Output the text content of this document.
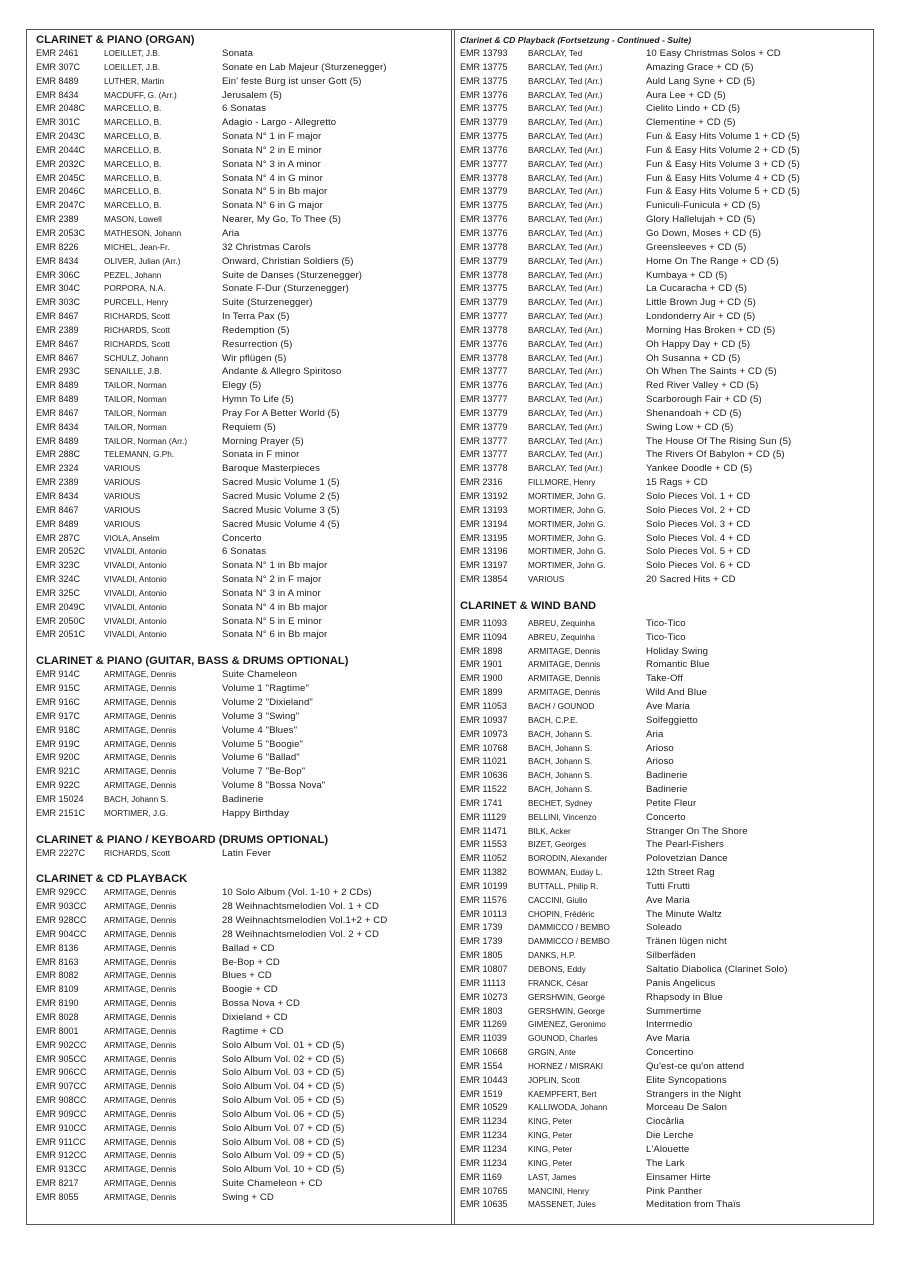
CLARINET & PIANO (ORGAN)
EMR 2461	LOEILLET, J.B.	Sonata
EMR 307C	LOEILLET, J.B.	Sonate en Lab Majeur (Sturzenegger)
EMR 8489	LUTHER, Martin	Ein' feste Burg ist unser Gott (5)
EMR 8434	MACDUFF, G. (Arr.)	Jerusalem (5)
EMR 2048C	MARCELLO, B.	6 Sonatas
EMR 301C	MARCELLO, B.	Adagio - Largo - Allegretto
EMR 2043C	MARCELLO, B.	Sonata N° 1 in F major
EMR 2044C	MARCELLO, B.	Sonata N° 2 in E minor
EMR 2032C	MARCELLO, B.	Sonata N° 3 in A minor
EMR 2045C	MARCELLO, B.	Sonata N° 4 in G minor
EMR 2046C	MARCELLO, B.	Sonata N° 5 in Bb major
EMR 2047C	MARCELLO, B.	Sonata N° 6 in G major
EMR 2389	MASON, Lowell	Nearer, My Go, To Thee (5)
EMR 2053C	MATHESON, Johann	Aria
EMR 8226	MICHEL, Jean-Fr.	32 Christmas Carols
EMR 8434	OLIVER, Julian (Arr.)	Onward, Christian Soldiers (5)
EMR 306C	PEZEL, Johann	Suite de Danses (Sturzenegger)
EMR 304C	PORPORA, N.A.	Sonate F-Dur (Sturzenegger)
EMR 303C	PURCELL, Henry	Suite (Sturzenegger)
EMR 8467	RICHARDS, Scott	In Terra Pax (5)
EMR 2389	RICHARDS, Scott	Redemption (5)
EMR 8467	RICHARDS, Scott	Resurrection (5)
EMR 8467	SCHULZ, Johann	Wir pflügen (5)
EMR 293C	SENAILLE, J.B.	Andante & Allegro Spiritoso
EMR 8489	TAILOR, Norman	Elegy (5)
EMR 8489	TAILOR, Norman	Hymn To Life (5)
EMR 8467	TAILOR, Norman	Pray For A Better World (5)
EMR 8434	TAILOR, Norman	Requiem (5)
EMR 8489	TAILOR, Norman (Arr.)	Morning Prayer (5)
EMR 288C	TELEMANN, G.Ph.	Sonata in F minor
EMR 2324	VARIOUS	Baroque Masterpieces
EMR 2389	VARIOUS	Sacred Music Volume 1 (5)
EMR 8434	VARIOUS	Sacred Music Volume 2 (5)
EMR 8467	VARIOUS	Sacred Music Volume 3 (5)
EMR 8489	VARIOUS	Sacred Music Volume 4 (5)
EMR 287C	VIOLA, Anselm	Concerto
EMR 2052C	VIVALDI, Antonio	6 Sonatas
EMR 323C	VIVALDI, Antonio	Sonata N° 1 in Bb major
EMR 324C	VIVALDI, Antonio	Sonata N° 2 in F major
EMR 325C	VIVALDI, Antonio	Sonata N° 3 in A minor
EMR 2049C	VIVALDI, Antonio	Sonata N° 4 in Bb major
EMR 2050C	VIVALDI, Antonio	Sonata N° 5 in E minor
EMR 2051C	VIVALDI, Antonio	Sonata N° 6 in Bb major
CLARINET & PIANO (GUITAR, BASS & DRUMS OPTIONAL)
EMR 914C	ARMITAGE, Dennis	Suite Chameleon
EMR 915C	ARMITAGE, Dennis	Volume 1 "Ragtime"
EMR 916C	ARMITAGE, Dennis	Volume 2 "Dixieland"
EMR 917C	ARMITAGE, Dennis	Volume 3 "Swing"
EMR 918C	ARMITAGE, Dennis	Volume 4 "Blues"
EMR 919C	ARMITAGE, Dennis	Volume 5 "Boogie"
EMR 920C	ARMITAGE, Dennis	Volume 6 "Ballad"
EMR 921C	ARMITAGE, Dennis	Volume 7 "Be-Bop"
EMR 922C	ARMITAGE, Dennis	Volume 8 "Bossa Nova"
EMR 15024	BACH, Johann S.	Badinerie
EMR 2151C	MORTIMER, J.G.	Happy Birthday
CLARINET & PIANO / KEYBOARD (DRUMS OPTIONAL)
EMR 2227C	RICHARDS, Scott	Latin Fever
CLARINET & CD PLAYBACK
EMR 929CC	ARMITAGE, Dennis	10 Solo Album (Vol. 1-10 + 2 CDs)
EMR 903CC	ARMITAGE, Dennis	28 Weihnachtsmelodien Vol. 1 + CD
EMR 928CC	ARMITAGE, Dennis	28 Weihnachtsmelodien Vol.1+2 + CD
EMR 904CC	ARMITAGE, Dennis	28 Weihnachtsmelodien Vol. 2 + CD
EMR 8136	ARMITAGE, Dennis	Ballad + CD
EMR 8163	ARMITAGE, Dennis	Be-Bop + CD
EMR 8082	ARMITAGE, Dennis	Blues + CD
EMR 8109	ARMITAGE, Dennis	Boogie + CD
EMR 8190	ARMITAGE, Dennis	Bossa Nova + CD
EMR 8028	ARMITAGE, Dennis	Dixieland + CD
EMR 8001	ARMITAGE, Dennis	Ragtime + CD
EMR 902CC	ARMITAGE, Dennis	Solo Album Vol. 01 + CD (5)
EMR 905CC	ARMITAGE, Dennis	Solo Album Vol. 02 + CD (5)
EMR 906CC	ARMITAGE, Dennis	Solo Album Vol. 03 + CD (5)
EMR 907CC	ARMITAGE, Dennis	Solo Album Vol. 04 + CD (5)
EMR 908CC	ARMITAGE, Dennis	Solo Album Vol. 05 + CD (5)
EMR 909CC	ARMITAGE, Dennis	Solo Album Vol. 06 + CD (5)
EMR 910CC	ARMITAGE, Dennis	Solo Album Vol. 07 + CD (5)
EMR 911CC	ARMITAGE, Dennis	Solo Album Vol. 08 + CD (5)
EMR 912CC	ARMITAGE, Dennis	Solo Album Vol. 09 + CD (5)
EMR 913CC	ARMITAGE, Dennis	Solo Album Vol. 10 + CD (5)
EMR 8217	ARMITAGE, Dennis	Suite Chameleon + CD
EMR 8055	ARMITAGE, Dennis	Swing + CD
Clarinet & CD Playback (Fortsetzung - Continued - Suite)
EMR 13793	BARCLAY, Ted	10 Easy Christmas Solos + CD
EMR 13775	BARCLAY, Ted (Arr.)	Amazing Grace + CD (5)
EMR 13775	BARCLAY, Ted (Arr.)	Auld Lang Syne + CD (5)
EMR 13776	BARCLAY, Ted (Arr.)	Aura Lee + CD (5)
EMR 13775	BARCLAY, Ted (Arr.)	Cielito Lindo + CD (5)
EMR 13779	BARCLAY, Ted (Arr.)	Clementine + CD (5)
EMR 13775	BARCLAY, Ted (Arr.)	Fun & Easy Hits Volume 1 + CD (5)
EMR 13776	BARCLAY, Ted (Arr.)	Fun & Easy Hits Volume 2 + CD (5)
EMR 13777	BARCLAY, Ted (Arr.)	Fun & Easy Hits Volume 3 + CD (5)
EMR 13778	BARCLAY, Ted (Arr.)	Fun & Easy Hits Volume 4 + CD (5)
EMR 13779	BARCLAY, Ted (Arr.)	Fun & Easy Hits Volume 5 + CD (5)
EMR 13775	BARCLAY, Ted (Arr.)	Funiculi-Funicula + CD (5)
EMR 13776	BARCLAY, Ted (Arr.)	Glory Hallelujah + CD (5)
EMR 13776	BARCLAY, Ted (Arr.)	Go Down, Moses + CD (5)
EMR 13778	BARCLAY, Ted (Arr.)	Greensleeves + CD (5)
EMR 13779	BARCLAY, Ted (Arr.)	Home On The Range + CD (5)
EMR 13778	BARCLAY, Ted (Arr.)	Kumbaya + CD (5)
EMR 13775	BARCLAY, Ted (Arr.)	La Cucaracha + CD (5)
EMR 13779	BARCLAY, Ted (Arr.)	Little Brown Jug + CD (5)
EMR 13777	BARCLAY, Ted (Arr.)	Londonderry Air + CD (5)
EMR 13778	BARCLAY, Ted (Arr.)	Morning Has Broken + CD (5)
EMR 13776	BARCLAY, Ted (Arr.)	Oh Happy Day + CD (5)
EMR 13778	BARCLAY, Ted (Arr.)	Oh Susanna + CD (5)
EMR 13777	BARCLAY, Ted (Arr.)	Oh When The Saints + CD (5)
EMR 13776	BARCLAY, Ted (Arr.)	Red River Valley + CD (5)
EMR 13777	BARCLAY, Ted (Arr.)	Scarborough Fair + CD (5)
EMR 13779	BARCLAY, Ted (Arr.)	Shenandoah + CD (5)
EMR 13779	BARCLAY, Ted (Arr.)	Swing Low + CD (5)
EMR 13777	BARCLAY, Ted (Arr.)	The House Of The Rising Sun (5)
EMR 13777	BARCLAY, Ted (Arr.)	The Rivers Of Babylon + CD (5)
EMR 13778	BARCLAY, Ted (Arr.)	Yankee Doodle + CD (5)
EMR 2316	FILLMORE, Henry	15 Rags + CD
EMR 13192	MORTIMER, John G.	Solo Pieces Vol. 1 + CD
EMR 13193	MORTIMER, John G.	Solo Pieces Vol. 2 + CD
EMR 13194	MORTIMER, John G.	Solo Pieces Vol. 3 + CD
EMR 13195	MORTIMER, John G.	Solo Pieces Vol. 4 + CD
EMR 13196	MORTIMER, John G.	Solo Pieces Vol. 5 + CD
EMR 13197	MORTIMER, John G.	Solo Pieces Vol. 6 + CD
EMR 13854	VARIOUS	20 Sacred Hits + CD
CLARINET & WIND BAND
EMR 11093	ABREU, Zequinha	Tico-Tico
EMR 11094	ABREU, Zequinha	Tico-Tico
EMR 1898	ARMITAGE, Dennis	Holiday Swing
EMR 1901	ARMITAGE, Dennis	Romantic Blue
EMR 1900	ARMITAGE, Dennis	Take-Off
EMR 1899	ARMITAGE, Dennis	Wild And Blue
EMR 11053	BACH / GOUNOD	Ave Maria
EMR 10937	BACH, C.P.E.	Solfeggietto
EMR 10973	BACH, Johann S.	Aria
EMR 10768	BACH, Johann S.	Arioso
EMR 11021	BACH, Johann S.	Arioso
EMR 10636	BACH, Johann S.	Badinerie
EMR 11522	BACH, Johann S.	Badinerie
EMR 1741	BECHET, Sydney	Petite Fleur
EMR 11129	BELLINI, Vincenzo	Concerto
EMR 11471	BILK, Acker	Stranger On The Shore
EMR 11553	BIZET, Georges	The Pearl-Fishers
EMR 11052	BORODIN, Alexander	Polovetzian Dance
EMR 11382	BOWMAN, Euday L.	12th Street Rag
EMR 10199	BUTTALL, Philip R.	Tutti Frutti
EMR 11576	CACCINI, Giulio	Ave Maria
EMR 10113	CHOPIN, Frédéric	The Minute Waltz
EMR 1739	DAMMICCO / BEMBO	Soleado
EMR 1739	DAMMICCO / BEMBO	Tränen lügen nicht
EMR 1805	DANKS, H.P.	Silberfäden
EMR 10807	DEBONS, Eddy	Saltatio Diabolica (Clarinet Solo)
EMR 11113	FRANCK, César	Panis Angelicus
EMR 10273	GERSHWIN, George	Rhapsody in Blue
EMR 1803	GERSHWIN, George	Summertime
EMR 11269	GIMENEZ, Geronimo	Intermedio
EMR 11039	GOUNOD, Charles	Ave Maria
EMR 10668	GRGIN, Ante	Concertino
EMR 1554	HORNEZ / MISRAKI	Qu'est-ce qu'on attend
EMR 10443	JOPLIN, Scott	Elite Syncopations
EMR 1519	KAEMPFERT, Bert	Strangers in the Night
EMR 10529	KALLIWODA, Johann	Morceau De Salon
EMR 11234	KING, Peter	Ciocârlia
EMR 11234	KING, Peter	Die Lerche
EMR 11234	KING, Peter	L'Alouette
EMR 11234	KING, Peter	The Lark
EMR 1169	LAST, James	Einsamer Hirte
EMR 10765	MANCINI, Henry	Pink Panther
EMR 10635	MASSENET, Jules	Meditation from Thaïs
